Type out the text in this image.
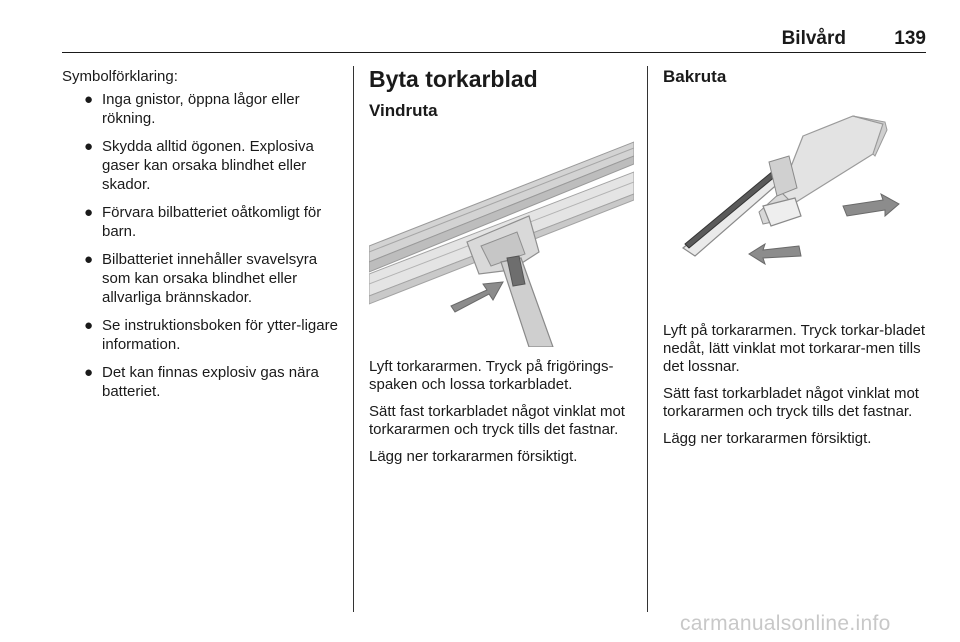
Bilvård	139
Symbolförklaring:
● Inga gnistor, öppna lågor eller rökning.
● Skydda alltid ögonen. Explosiva gaser kan orsaka blindhet eller skador.
● Förvara bilbatteriet oåtkomligt för barn.
● Bilbatteriet innehåller svavelsyra som kan orsaka blindhet eller allvarliga brännskador.
● Se instruktionsboken för ytter-ligare information.
● Det kan finnas explosiv gas nära batteriet.
Byta torkarblad
Vindruta

Lyft torkararmen. Tryck på frigörings-spaken och lossa torkarbladet.

Sätt fast torkarbladet något vinklat mot torkararmen och tryck tills det fastnar.

Lägg ner torkararmen försiktigt.

Bakruta

Lyft på torkararmen. Tryck torkar-bladet nedåt, lätt vinklat mot torkarar-men tills det lossnar.

Sätt fast torkarbladet något vinklat mot torkararmen och tryck tills det fastnar.

Lägg ner torkararmen försiktigt.

carmanualsonline.info
